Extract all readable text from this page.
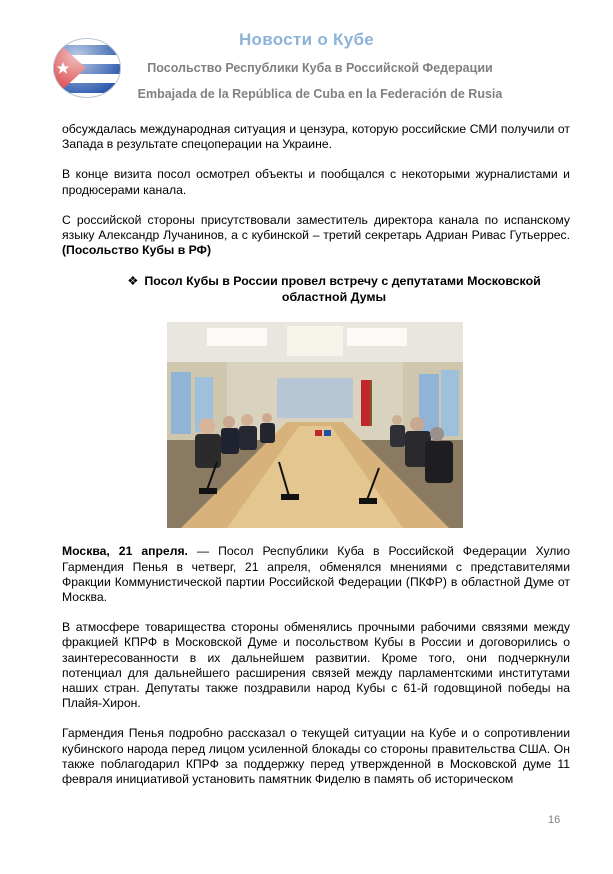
Новости о Кубе
Посольство Республики Куба в Российской Федерации
Embajada de la República de Cuba en la Federación de Rusia

обсуждалась международная ситуация и цензура, которую российские СМИ получили от Запада в результате спецоперации на Украине.

В конце визита посол осмотрел объекты и пообщался с некоторыми журналистами и продюсерами канала.

С российской стороны присутствовали заместитель директора канала по испанскому языку Александр Лучанинов, а с кубинской – третий секретарь Адриан Ривас Гутьеррес. (Посольство Кубы в РФ)

❖ Посол Кубы в России провел встречу с депутатами Московской областной Думы

Москва, 21 апреля. — Посол Республики Куба в Российской Федерации Хулио Гармендия Пенья в четверг, 21 апреля, обменялся мнениями с представителями Фракции Коммунистической партии Российской Федерации (ПКФР) в областной Думе от Москва.

В атмосфере товарищества стороны обменялись прочными рабочими связями между фракцией КПРФ в Московской Думе и посольством Кубы в России и договорились о заинтересованности в их дальнейшем развитии. Кроме того, они подчеркнули потенциал для дальнейшего расширения связей между парламентскими институтами наших стран. Депутаты также поздравили народ Кубы с 61-й годовщиной победы на Плайя-Хирон.

Гармендия Пенья подробно рассказал о текущей ситуации на Кубе и о сопротивлении кубинского народа перед лицом усиленной блокады со стороны правительства США. Он также поблагодарил КПРФ за поддержку перед утвержденной в Московской думе 11 февраля инициативой установить памятник Фиделю в память об историческом

16
